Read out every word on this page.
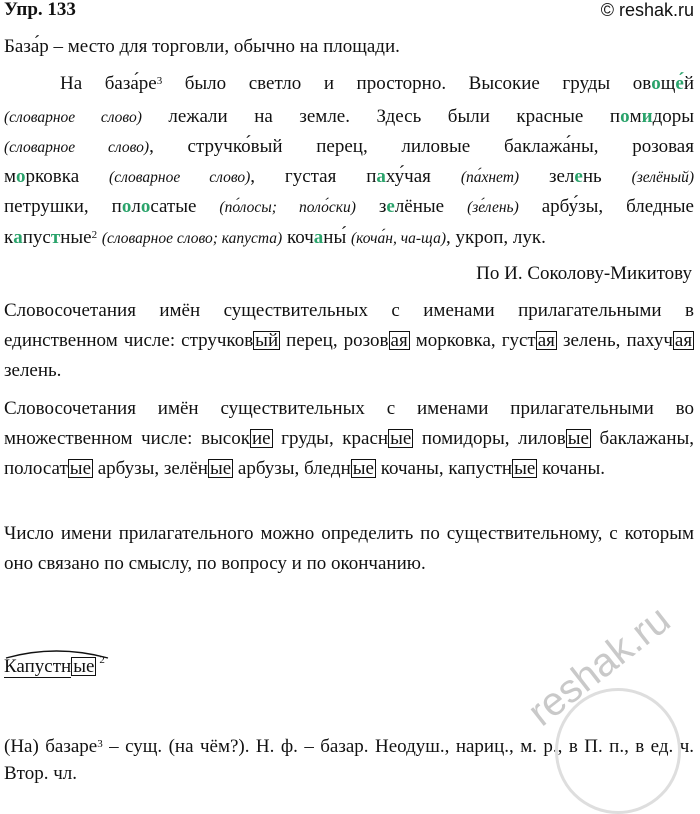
Упр. 133	© reshak.ru

База́р – место для торговли, обычно на площади.

На $база́ре^3$ было светло и просторно. Высокие груды овоще́й

(словарное слово) лежали на земле. Здесь были красные помидоры

(словарное слово), стручко́вый перец, лиловые баклажа́ны, розовая

морковка (словарное слово), густая паху́чая (па́хнет) зелень (зелёный)

петрушки, полосатые (по́лосы; поло́ски) зелёные (зе́лень) арбу́зы, бледные

капустные$^2$ (словарное слово; капуста) кочаны́ (коча́н, ча-ща), укроп, лук.

По И. Соколову-Микитову

Словосочетания имён существительных с именами прилагательными в единственном числе: стручков ый перец, розов ая морковка, густ ая зелень, пахуч ая зелень.

Словосочетания имён существительных с именами прилагательными во множественном числе: высок ие груды, красн ые помидоры, лилов ые баклажаны, полосат ые арбузы, зелён ые арбузы, бледн ые кочаны, капустн ые кочаны.

Число имени прилагательного можно определить по существительному, с которым оно связано по смыслу, по вопросу и по окончанию.

Капустн ые $^2$

(На) базаре$^3$ – сущ. (на чём?). Н. ф. – базар. Неодуш., нариц., м. р., в П. п., в ед. ч. Втор. чл.

reshak.ru
